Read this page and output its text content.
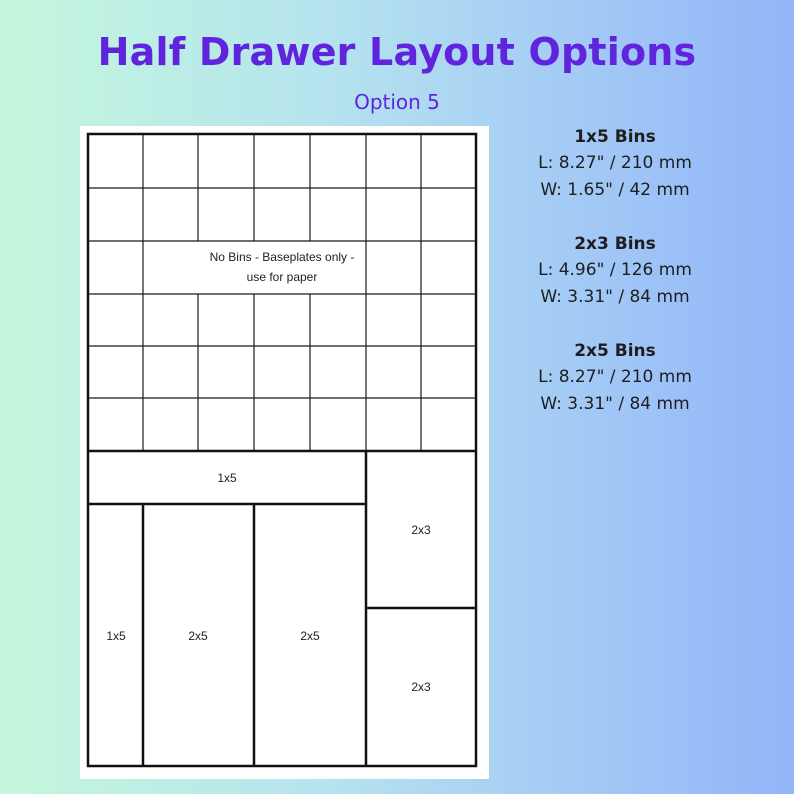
Half Drawer Layout Options
Option 5
No Bins - Baseplates only -
use for paper
1x5
1x5	2x5	2x5
2x3
2x3
1x5 Bins
L: 8.27" / 210 mm
W: 1.65" / 42 mm
2x3 Bins
L: 4.96" / 126 mm
W: 3.31" / 84 mm
2x5 Bins
L: 8.27" / 210 mm
W: 3.31" / 84 mm
